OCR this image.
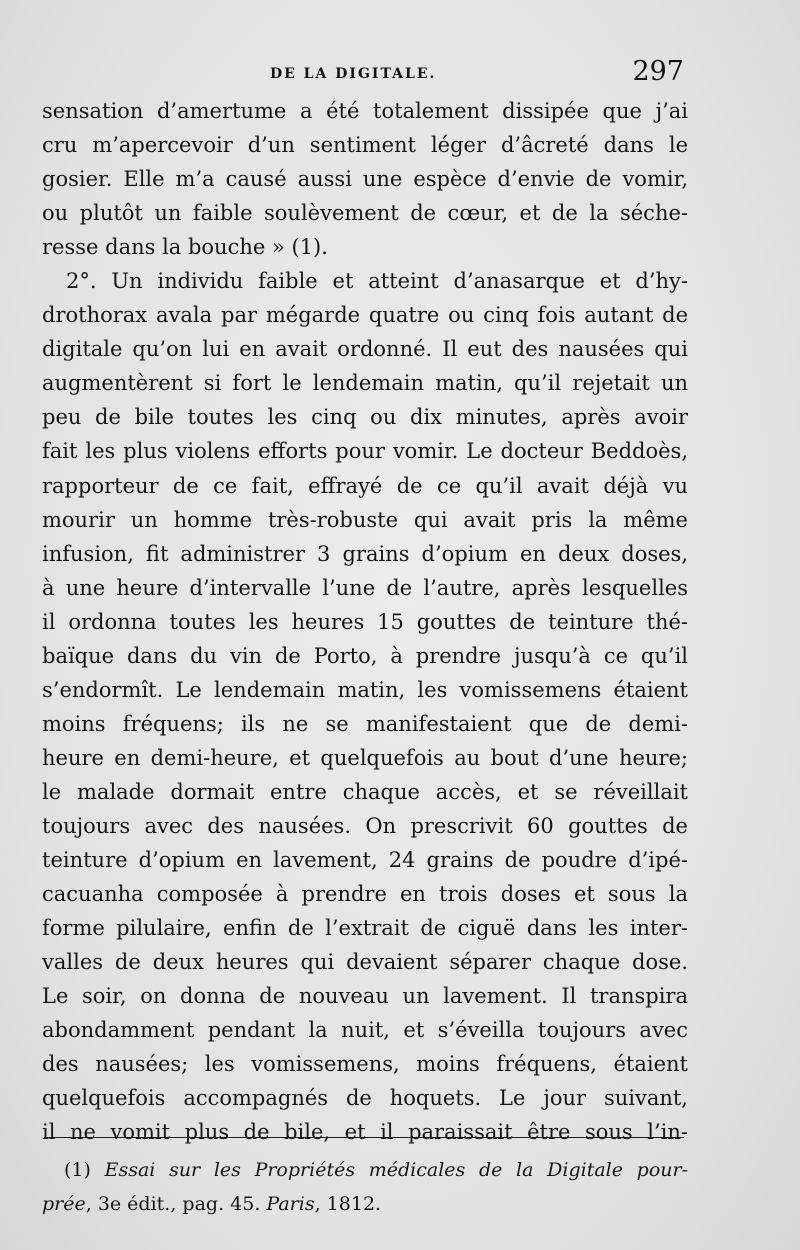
DE LA DIGITALE.	297
sensation d’amertume a été totalement dissipée que j’ai
cru m’apercevoir d’un sentiment léger d’âcreté dans le
gosier. Elle m’a causé aussi une espèce d’envie de vomir,
ou plutôt un faible soulèvement de cœur, et de la séche-
resse dans la bouche » (1).
2°. Un individu faible et atteint d’anasarque et d’hy-
drothorax avala par mégarde quatre ou cinq fois autant de
digitale qu’on lui en avait ordonné. Il eut des nausées qui
augmentèrent si fort le lendemain matin, qu’il rejetait un
peu de bile toutes les cinq ou dix minutes, après avoir
fait les plus violens efforts pour vomir. Le docteur Beddoès,
rapporteur de ce fait, effrayé de ce qu’il avait déjà vu
mourir un homme très-robuste qui avait pris la même
infusion, fit administrer 3 grains d’opium en deux doses,
à une heure d’intervalle l’une de l’autre, après lesquelles
il ordonna toutes les heures 15 gouttes de teinture thé-
baïque dans du vin de Porto, à prendre jusqu’à ce qu’il
s’endormît. Le lendemain matin, les vomissemens étaient
moins fréquens; ils ne se manifestaient que de demi-
heure en demi-heure, et quelquefois au bout d’une heure;
le malade dormait entre chaque accès, et se réveillait
toujours avec des nausées. On prescrivit 60 gouttes de
teinture d’opium en lavement, 24 grains de poudre d’ipé-
cacuanha composée à prendre en trois doses et sous la
forme pilulaire, enfin de l’extrait de ciguë dans les inter-
valles de deux heures qui devaient séparer chaque dose.
Le soir, on donna de nouveau un lavement. Il transpira
abondamment pendant la nuit, et s’éveilla toujours avec
des nausées; les vomissemens, moins fréquens, étaient
quelquefois accompagnés de hoquets. Le jour suivant,
il ne vomit plus de bile, et il paraissait être sous l’in-
(1) Essai sur les Propriétés médicales de la Digitale pour-
prée, 3e édit., pag. 45. Paris, 1812.
